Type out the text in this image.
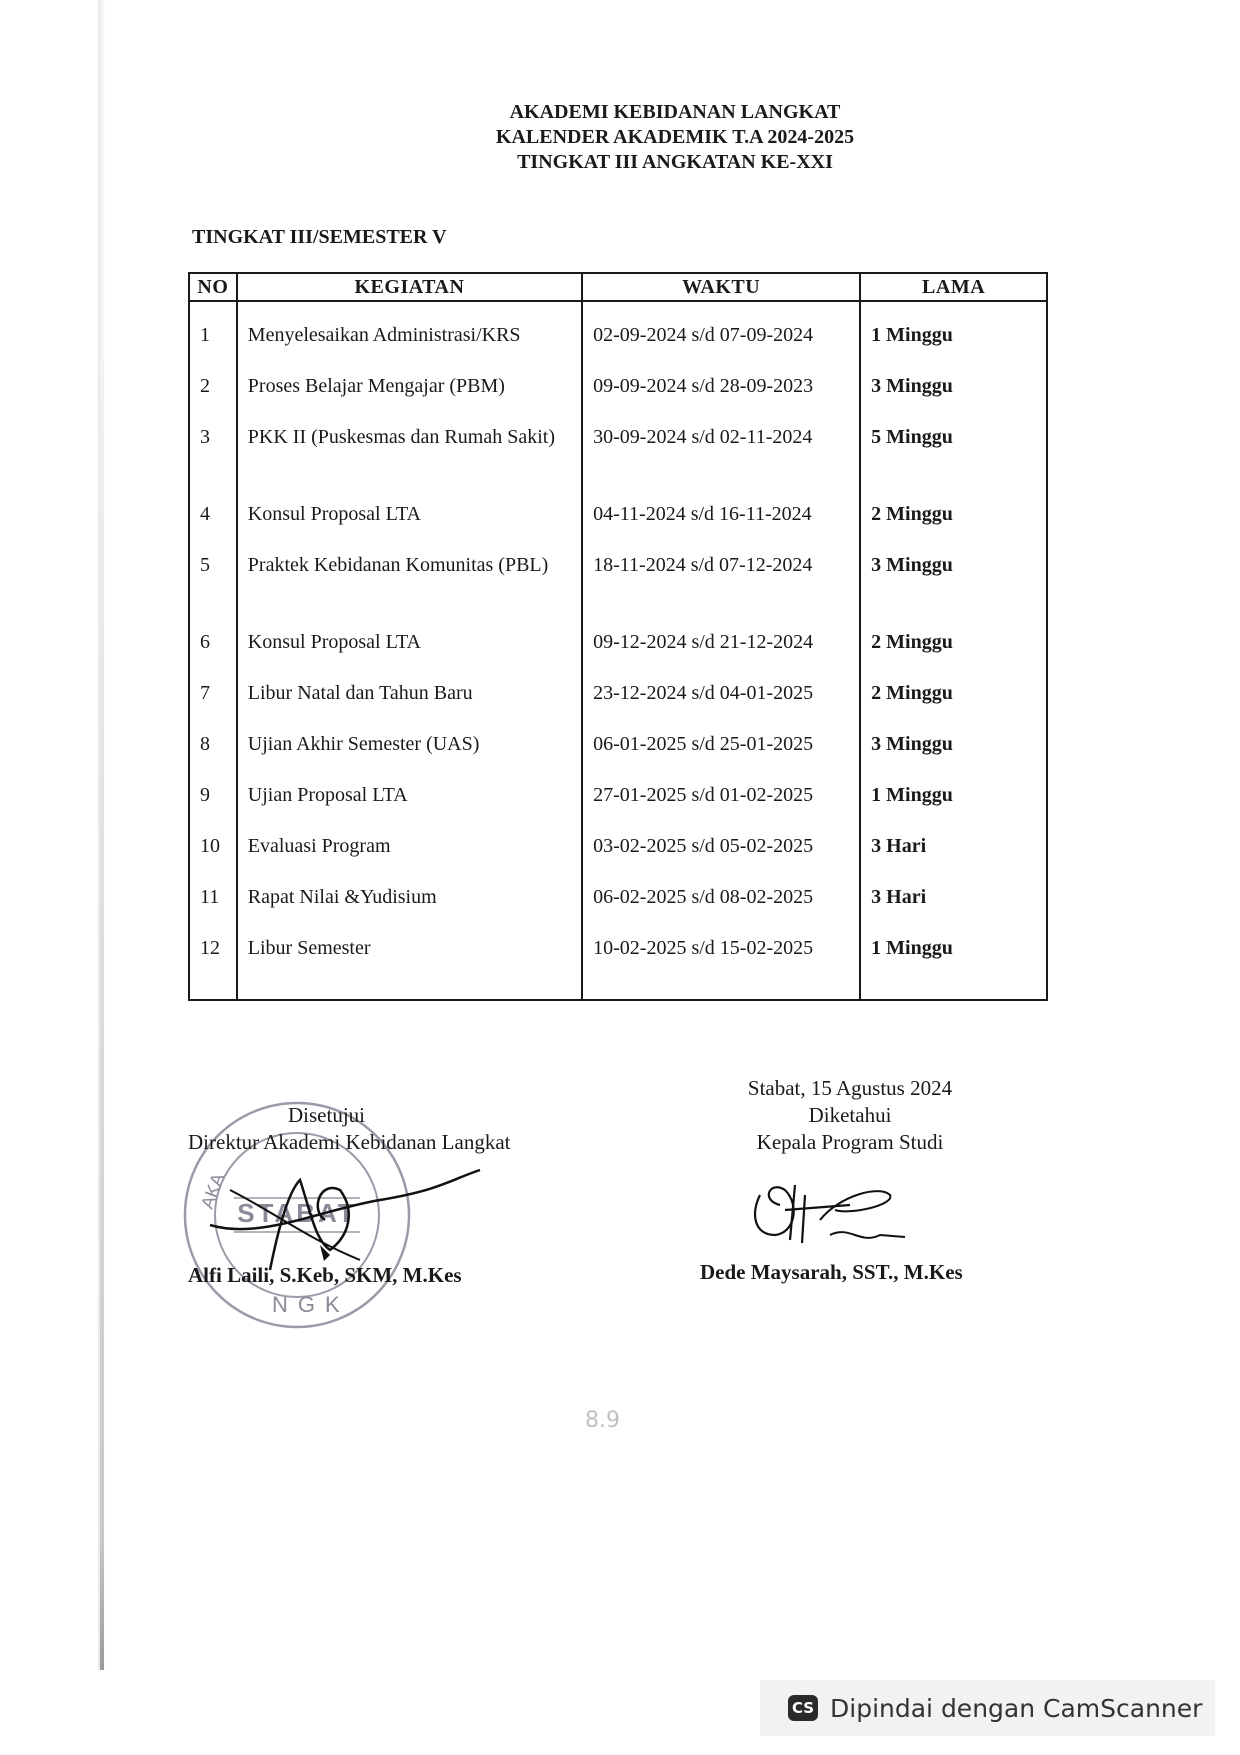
AKADEMI KEBIDANAN LANGKAT
KALENDER AKADEMIK T.A 2024-2025
TINGKAT III ANGKATAN KE-XXI
TINGKAT III/SEMESTER V
NO	KEGIATAN	WAKTU	LAMA
1	Menyelesaikan Administrasi/KRS	02-09-2024 s/d 07-09-2024	1 Minggu
2	Proses Belajar Mengajar (PBM)	09-09-2024 s/d 28-09-2023	3 Minggu
3	PKK II (Puskesmas dan Rumah Sakit)	30-09-2024 s/d 02-11-2024	5 Minggu
4	Konsul Proposal LTA	04-11-2024 s/d 16-11-2024	2 Minggu
5	Praktek Kebidanan Komunitas (PBL)	18-11-2024 s/d 07-12-2024	3 Minggu
6	Konsul Proposal LTA	09-12-2024 s/d 21-12-2024	2 Minggu
7	Libur Natal dan Tahun Baru	23-12-2024 s/d 04-01-2025	2 Minggu
8	Ujian Akhir Semester (UAS)	06-01-2025 s/d 25-01-2025	3 Minggu
9	Ujian Proposal LTA	27-01-2025 s/d 01-02-2025	1 Minggu
10	Evaluasi Program	03-02-2025 s/d 05-02-2025	3 Hari
11	Rapat Nilai &Yudisium	06-02-2025 s/d 08-02-2025	3 Hari
12	Libur Semester	10-02-2025 s/d 15-02-2025	1 Minggu
STABAT
NGK
AKA
Disetujui
Direktur Akademi Kebidanan Langkat
Alfi Laili, S.Keb, SKM, M.Kes
Stabat, 15 Agustus 2024
Diketahui
Kepala Program Studi
Dede Maysarah, SST., M.Kes
8.9
CS Dipindai dengan CamScanner
